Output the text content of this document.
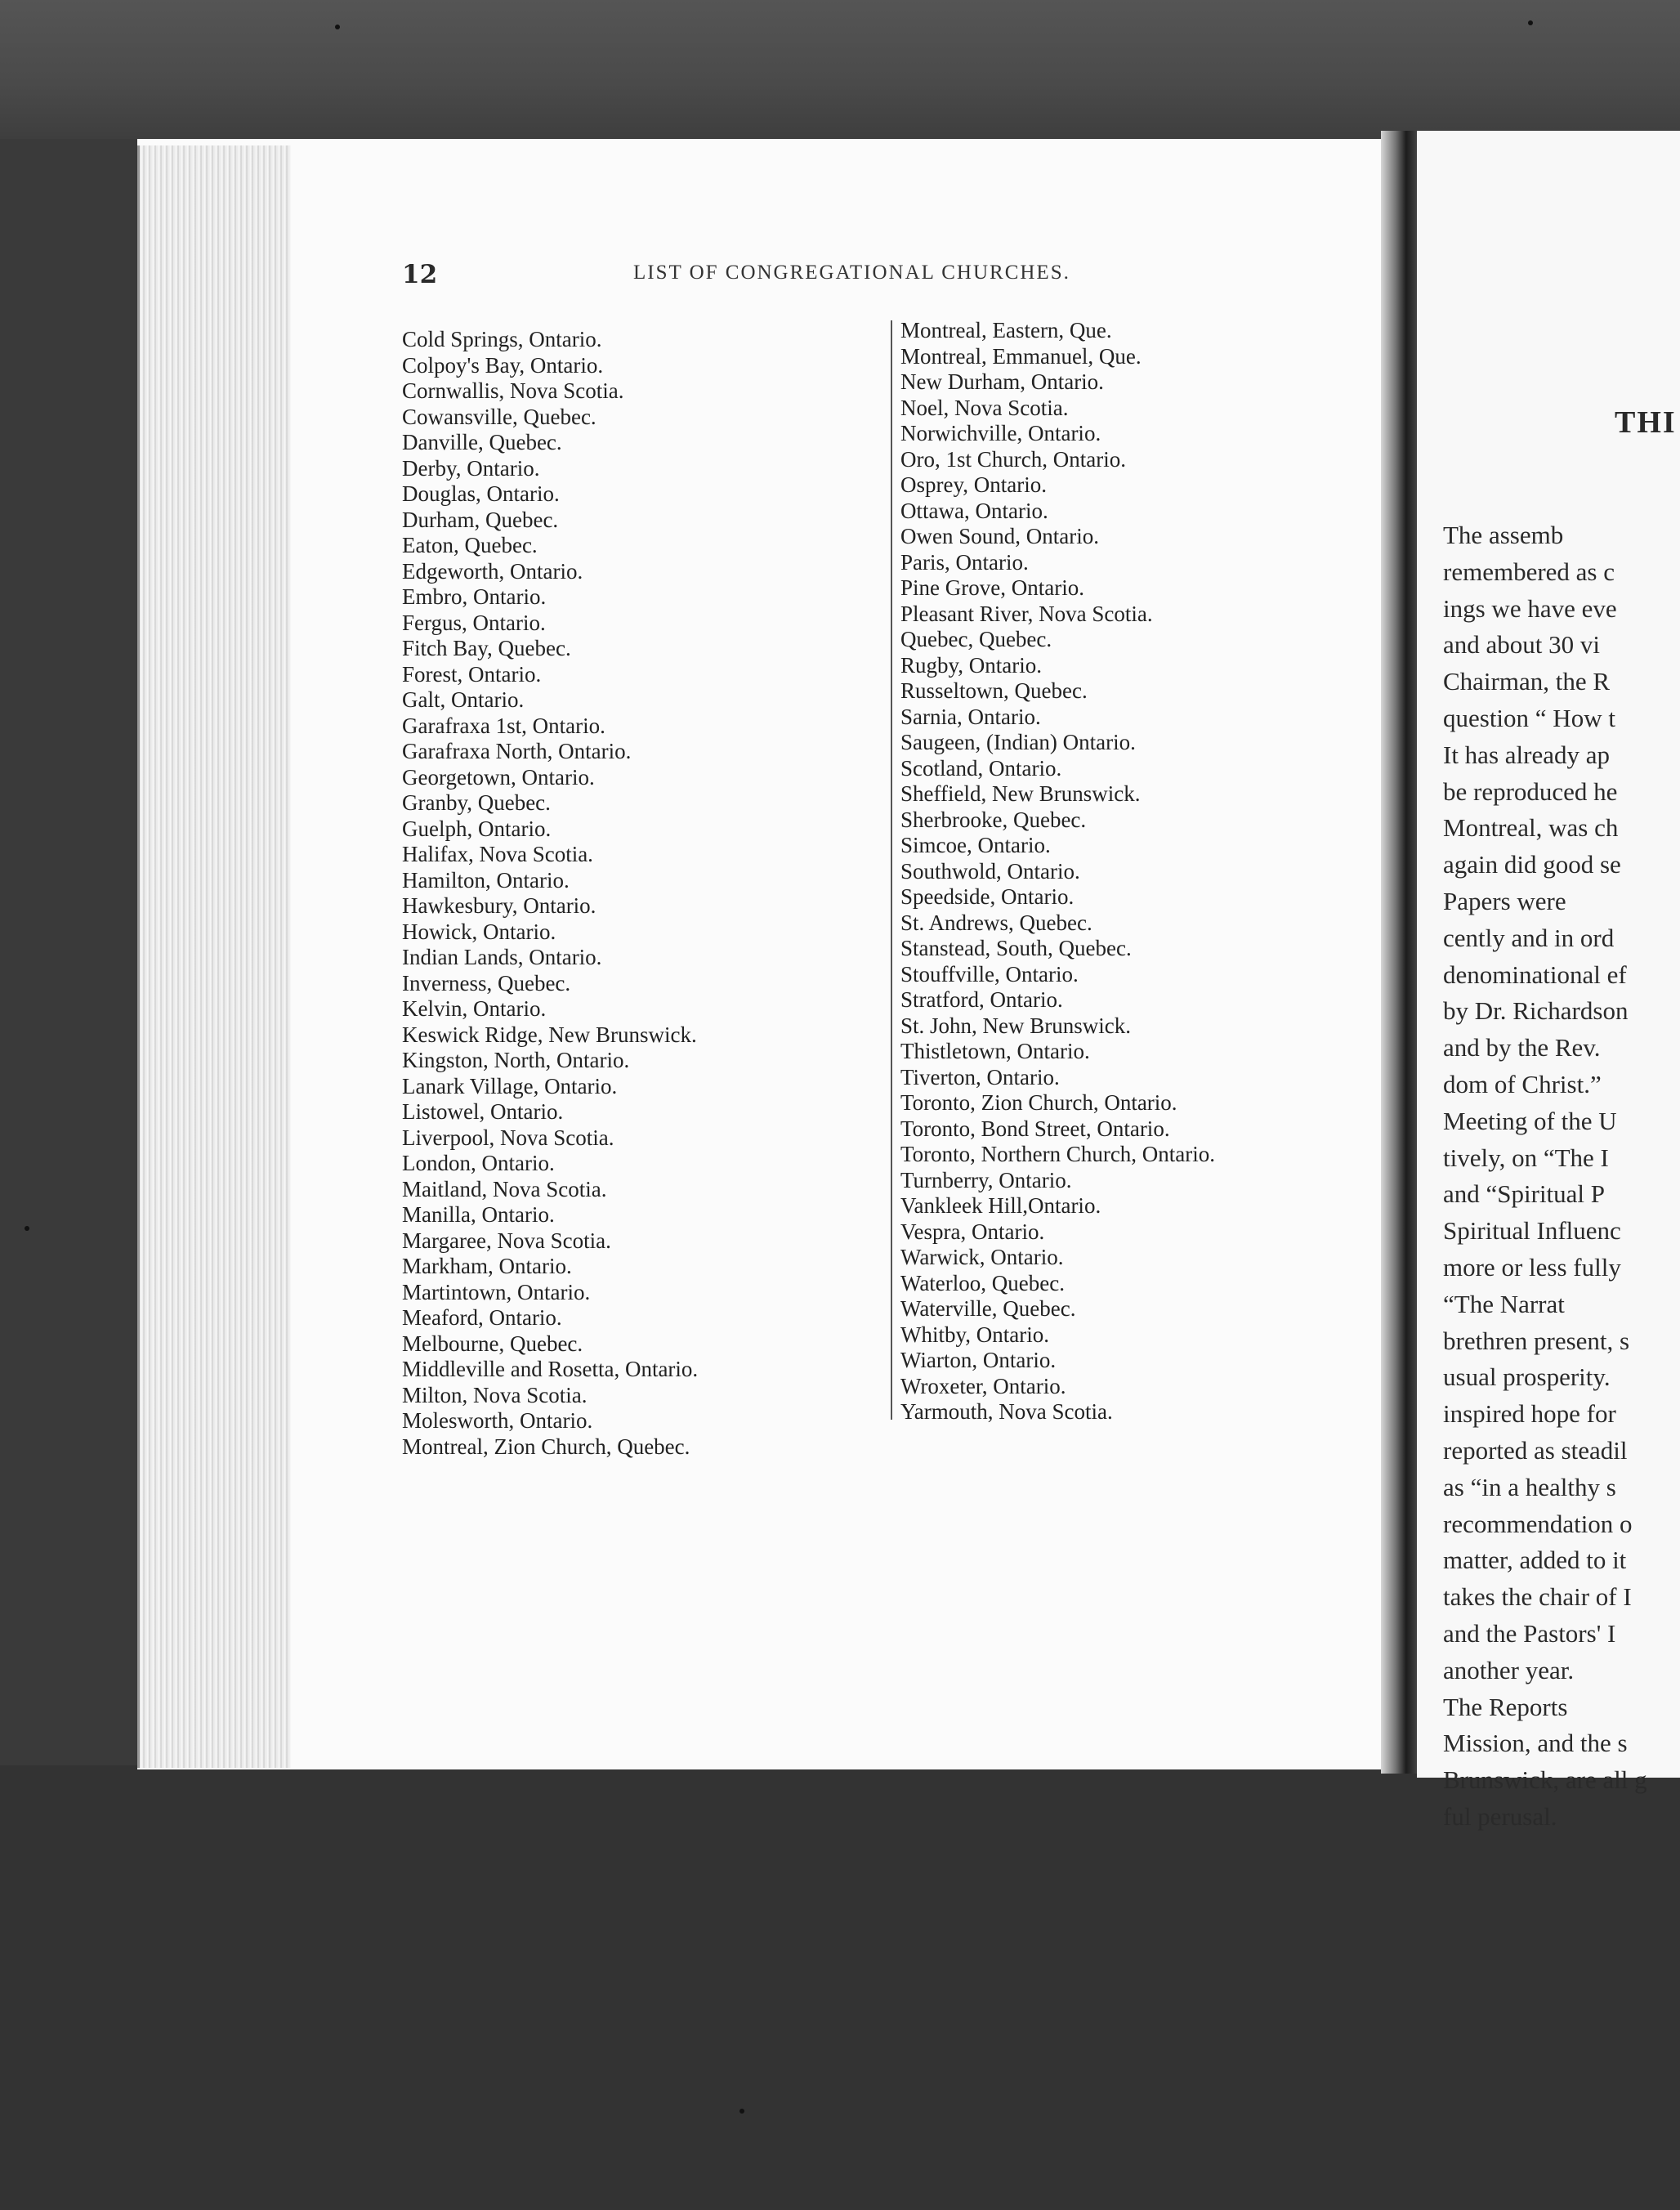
12	LIST OF CONGREGATIONAL CHURCHES.

Cold Springs, Ontario.
Colpoy's Bay, Ontario.
Cornwallis, Nova Scotia.
Cowansville, Quebec.
Danville, Quebec.
Derby, Ontario.
Douglas, Ontario.
Durham, Quebec.
Eaton, Quebec.
Edgeworth, Ontario.
Embro, Ontario.
Fergus, Ontario.
Fitch Bay, Quebec.
Forest, Ontario.
Galt, Ontario.
Garafraxa 1st, Ontario.
Garafraxa North, Ontario.
Georgetown, Ontario.
Granby, Quebec.
Guelph, Ontario.
Halifax, Nova Scotia.
Hamilton, Ontario.
Hawkesbury, Ontario.
Howick, Ontario.
Indian Lands, Ontario.
Inverness, Quebec.
Kelvin, Ontario.
Keswick Ridge, New Brunswick.
Kingston, North, Ontario.
Lanark Village, Ontario.
Listowel, Ontario.
Liverpool, Nova Scotia.
London, Ontario.
Maitland, Nova Scotia.
Manilla, Ontario.
Margaree, Nova Scotia.
Markham, Ontario.
Martintown, Ontario.
Meaford, Ontario.
Melbourne, Quebec.
Middleville and Rosetta, Ontario.
Milton, Nova Scotia.
Molesworth, Ontario.
Montreal, Zion Church, Quebec.
Montreal, Eastern, Que.
Montreal, Emmanuel, Que.
New Durham, Ontario.
Noel, Nova Scotia.
Norwichville, Ontario.
Oro, 1st Church, Ontario.
Osprey, Ontario.
Ottawa, Ontario.
Owen Sound, Ontario.
Paris, Ontario.
Pine Grove, Ontario.
Pleasant River, Nova Scotia.
Quebec, Quebec.
Rugby, Ontario.
Russeltown, Quebec.
Sarnia, Ontario.
Saugeen, (Indian) Ontario.
Scotland, Ontario.
Sheffield, New Brunswick.
Sherbrooke, Quebec.
Simcoe, Ontario.
Southwold, Ontario.
Speedside, Ontario.
St. Andrews, Quebec.
Stanstead, South, Quebec.
Stouffville, Ontario.
Stratford, Ontario.
St. John, New Brunswick.
Thistletown, Ontario.
Tiverton, Ontario.
Toronto, Zion Church, Ontario.
Toronto, Bond Street, Ontario.
Toronto, Northern Church, Ontario.
Turnberry, Ontario.
Vankleek Hill,Ontario.
Vespra, Ontario.
Warwick, Ontario.
Waterloo, Quebec.
Waterville, Quebec.
Whitby, Ontario.
Wiarton, Ontario.
Wroxeter, Ontario.
Yarmouth, Nova Scotia.

THI

The assemb
remembered as c
ings we have eve
and about 30 vi
Chairman, the R
question “ How t
It has already ap
be reproduced he
Montreal, was ch
again did good se
Papers were
cently and in ord
denominational ef
by Dr. Richardson
and by the Rev.
dom of Christ.”
Meeting of the U
tively, on “The I
and “Spiritual P
Spiritual Influenc
more or less fully
“The Narrat
brethren present, s
usual prosperity.
inspired hope for
reported as steadil
as “in a healthy s
recommendation o
matter, added to it
takes the chair of I
and the Pastors' I
another year.
The Reports
Mission, and the s
Brunswick, are all g
ful perusal.
